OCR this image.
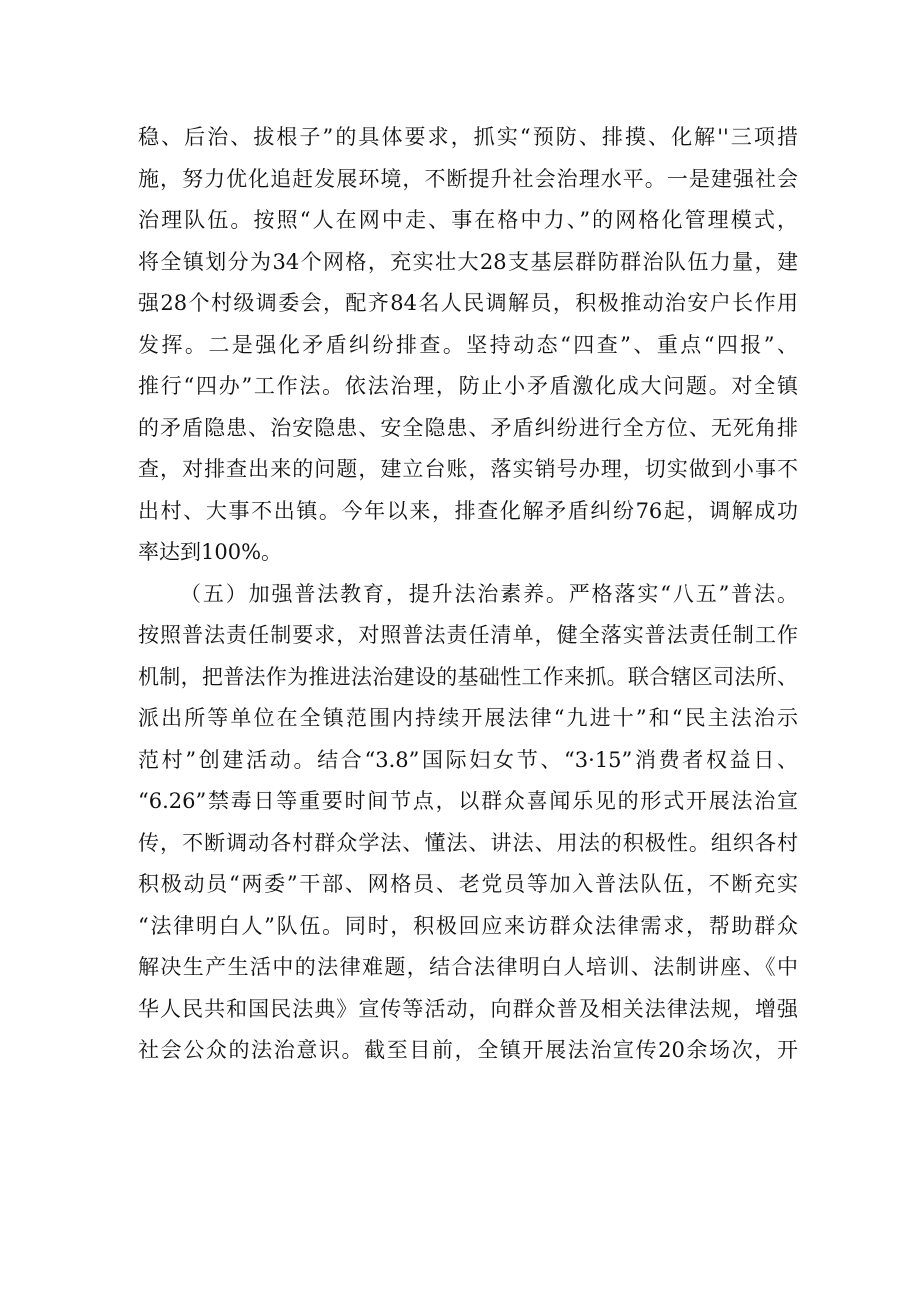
稳、后治、拔根子”的具体要求，抓实“预防、排摸、化解''三项措
施，努力优化追赶发展环境，不断提升社会治理水平。一是建强社会
治理队伍。按照“人在网中走、事在格中力、”的网格化管理模式，
将全镇划分为34个网格，充实壮大28支基层群防群治队伍力量，建
强28个村级调委会，配齐84名人民调解员，积极推动治安户长作用
发挥。二是强化矛盾纠纷排查。坚持动态“四查”、重点“四报”、
推行“四办”工作法。依法治理，防止小矛盾激化成大问题。对全镇
的矛盾隐患、治安隐患、安全隐患、矛盾纠纷进行全方位、无死角排
查，对排查出来的问题，建立台账，落实销号办理，切实做到小事不
出村、大事不出镇。今年以来，排查化解矛盾纠纷76起，调解成功
率达到100%。
（五）加强普法教育，提升法治素养。严格落实“八五”普法。
按照普法责任制要求，对照普法责任清单，健全落实普法责任制工作
机制，把普法作为推进法治建设的基础性工作来抓。联合辖区司法所、
派出所等单位在全镇范围内持续开展法律“九进十”和“民主法治示
范村”创建活动。结合“3.8”国际妇女节、“3·15”消费者权益日、
“6.26”禁毒日等重要时间节点，以群众喜闻乐见的形式开展法治宣
传，不断调动各村群众学法、懂法、讲法、用法的积极性。组织各村
积极动员“两委”干部、网格员、老党员等加入普法队伍，不断充实
“法律明白人”队伍。同时，积极回应来访群众法律需求，帮助群众
解决生产生活中的法律难题，结合法律明白人培训、法制讲座、《中
华人民共和国民法典》宣传等活动，向群众普及相关法律法规，增强
社会公众的法治意识。截至目前，全镇开展法治宣传20余场次，开
